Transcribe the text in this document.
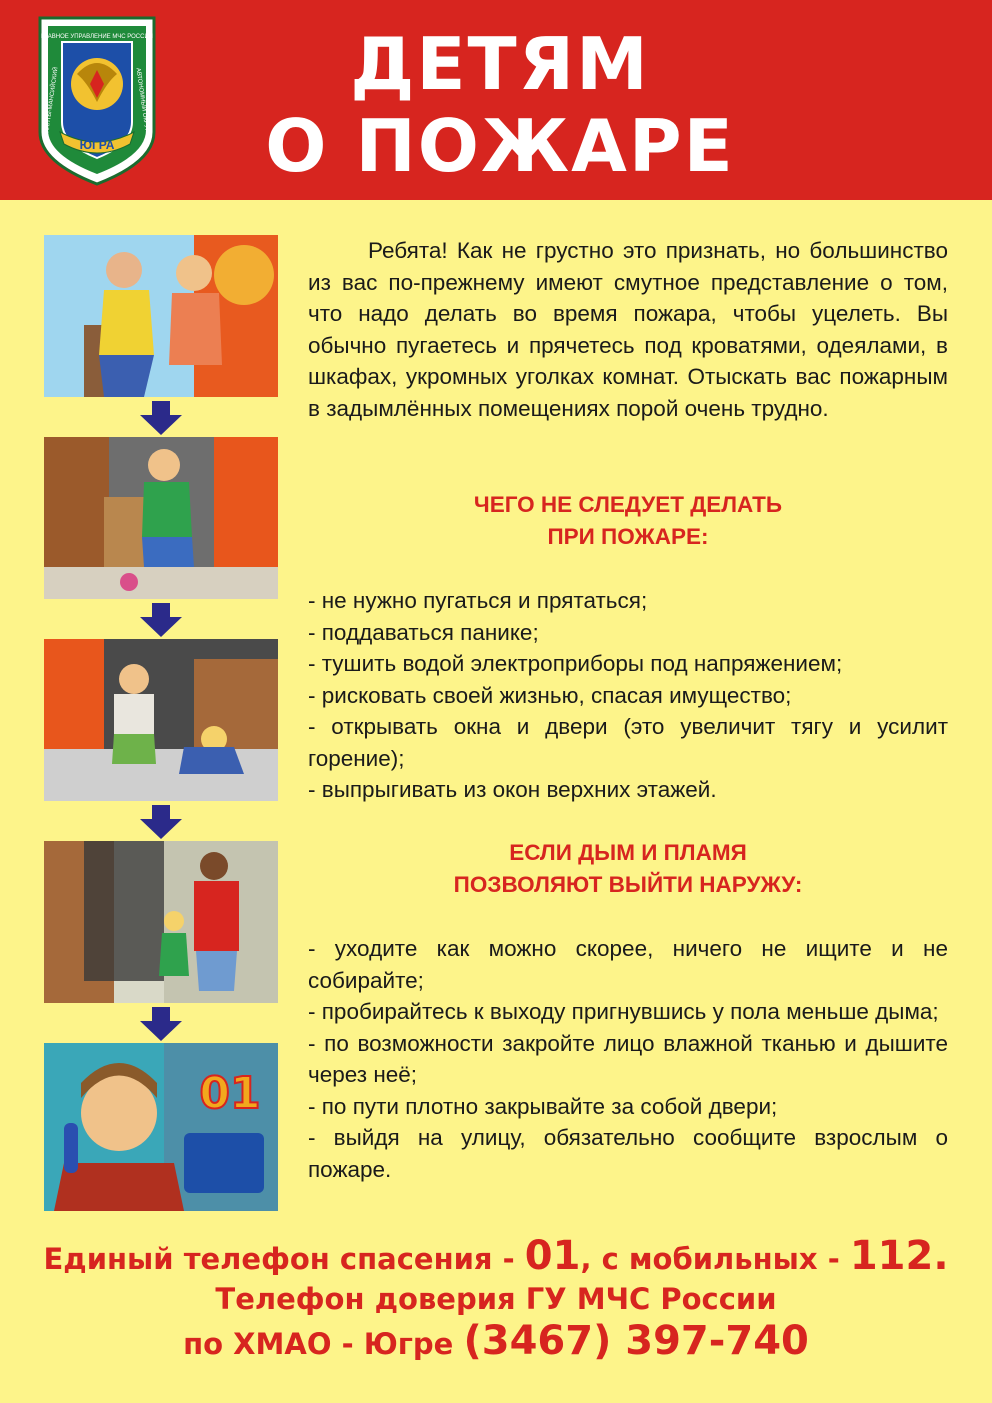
ГЛАВНОЕ УПРАВЛЕНИЕ МЧС РОССИИ
ХАНТЫ-МАНСИЙСКИЙ	АВТОНОМНЫЙ ОКРУГ
ЮГРА
ДЕТЯМ
О ПОЖАРЕ
01

Ребята! Как не грустно это признать, но большинство из вас по-прежнему имеют смутное представление о том, что надо делать во время пожара, чтобы уцелеть. Вы обычно пугаетесь и прячетесь под кроватями, одеялами, в шкафах, укромных уголках комнат. Отыскать вас пожарным в задымлённых помещениях порой очень трудно.

ЧЕГО НЕ СЛЕДУЕТ ДЕЛАТЬ

ПРИ ПОЖАРЕ:

- не нужно пугаться и прятаться;
- поддаваться панике;
- тушить водой электроприборы под напряжением;
- рисковать своей жизнью, спасая имущество;
- открывать окна и двери (это увеличит тягу и усилит горение);
- выпрыгивать из окон верхних этажей.

ЕСЛИ ДЫМ И ПЛАМЯ

ПОЗВОЛЯЮТ ВЫЙТИ НАРУЖУ:

- уходите как можно скорее, ничего не ищите и не собирайте;
- пробирайтесь к выходу пригнувшись у пола меньше дыма;
- по возможности закройте лицо влажной тканью и дышите через неё;
- по пути плотно закрывайте за собой двери;
- выйдя на улицу, обязательно сообщите взрослым о пожаре.
Единый телефон спасения - 01, с мобильных - 112.
Телефон доверия ГУ МЧС России
по ХМАО - Югре (3467) 397-740
